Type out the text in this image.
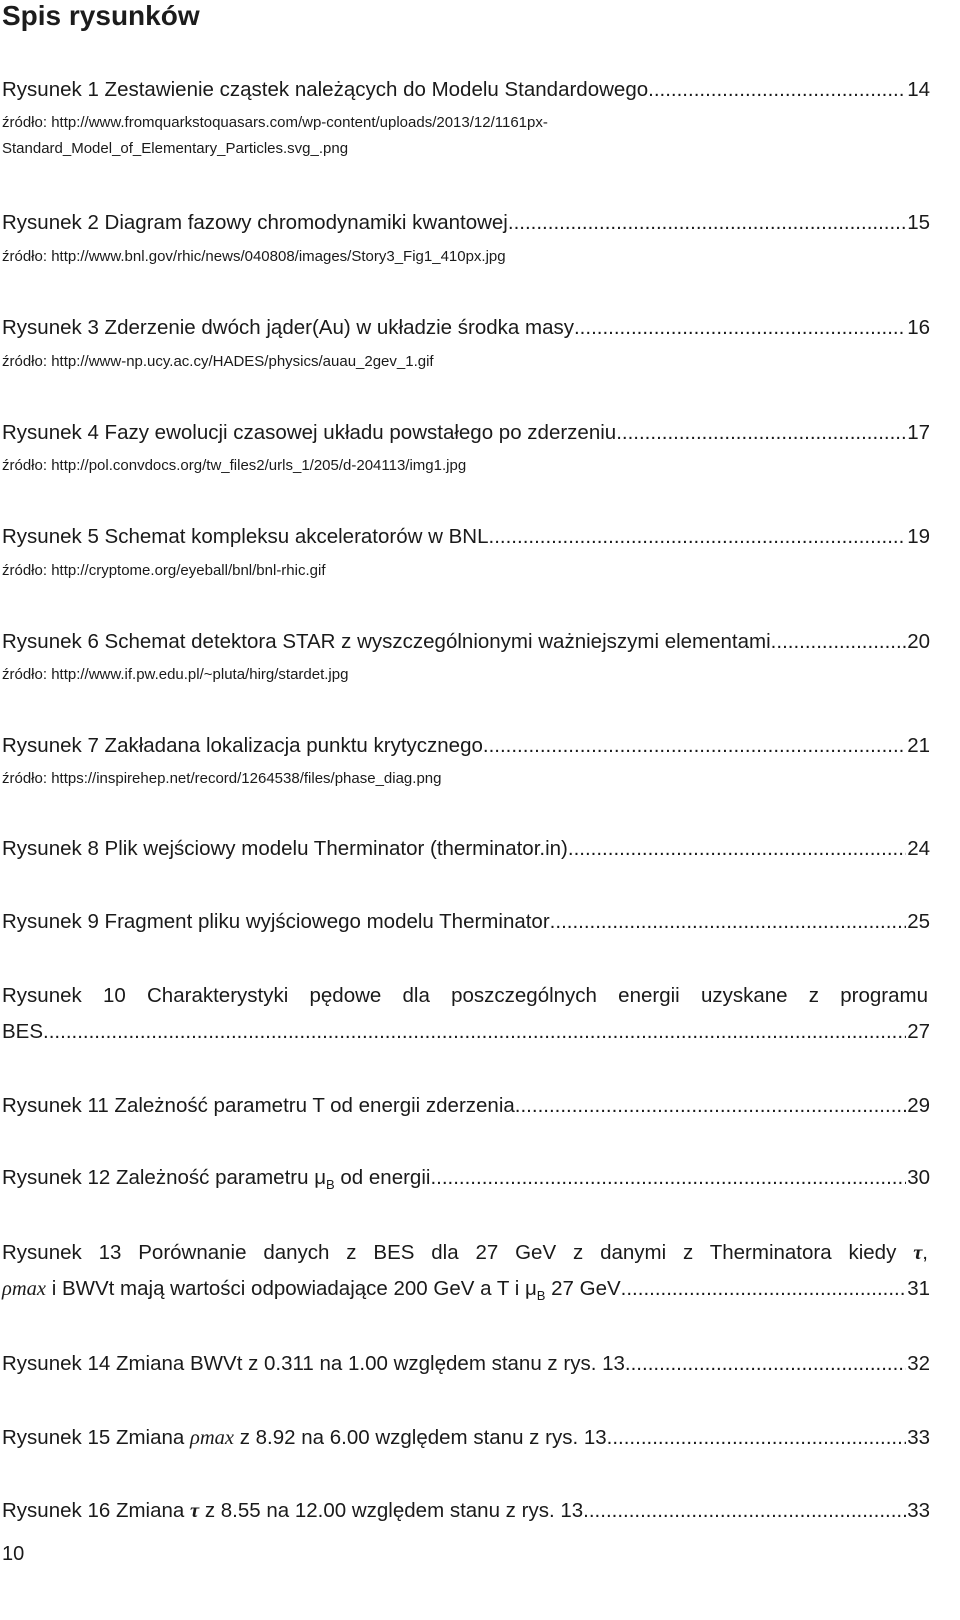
Spis rysunków
Rysunek 1 Zestawienie cząstek należących do Modelu Standardowego .....	14
źródło: http://www.fromquarkstoquasars.com/wp-content/uploads/2013/12/1161px-
Standard_Model_of_Elementary_Particles.svg_.png
Rysunek 2 Diagram fazowy chromodynamiki kwantowej .....	15
źródło: http://www.bnl.gov/rhic/news/040808/images/Story3_Fig1_410px.jpg
Rysunek 3 Zderzenie dwóch jąder(Au) w układzie środka masy .....	16
źródło: http://www-np.ucy.ac.cy/HADES/physics/auau_2gev_1.gif
Rysunek 4 Fazy ewolucji czasowej układu powstałego po zderzeniu .....	17
źródło: http://pol.convdocs.org/tw_files2/urls_1/205/d-204113/img1.jpg
Rysunek 5 Schemat kompleksu akceleratorów w BNL .....	19
źródło: http://cryptome.org/eyeball/bnl/bnl-rhic.gif
Rysunek 6 Schemat detektora STAR z wyszczególnionymi ważniejszymi elementami .....	20
źródło: http://www.if.pw.edu.pl/~pluta/hirg/stardet.jpg
Rysunek 7 Zakładana lokalizacja punktu krytycznego .....	21
źródło: https://inspirehep.net/record/1264538/files/phase_diag.png
Rysunek 8 Plik wejściowy modelu Therminator (therminator.in) .....	24
Rysunek 9 Fragment pliku wyjściowego modelu Therminator .....	25
Rysunek 10 Charakterystyki pędowe dla poszczególnych energii uzyskane z programu
BES .....	27
Rysunek 11 Zależność parametru T od energii zderzenia .....	29
Rysunek 12 Zależność parametru $\mu_B$ od energii .....	30
Rysunek 13 Porównanie danych z BES dla 27 GeV z danymi z Therminatora kiedy τ,
ρmax i BWVt mają wartości odpowiadające 200 GeV a T i $\mu_B$ 27 GeV .....	31
Rysunek 14 Zmiana BWVt z 0.311 na 1.00 względem stanu z rys. 13 .....	32
Rysunek 15 Zmiana ρmax z 8.92 na 6.00 względem stanu z rys. 13 .....	33
Rysunek 16 Zmiana τ z 8.55 na 12.00 względem stanu z rys. 13 .....	33
10
